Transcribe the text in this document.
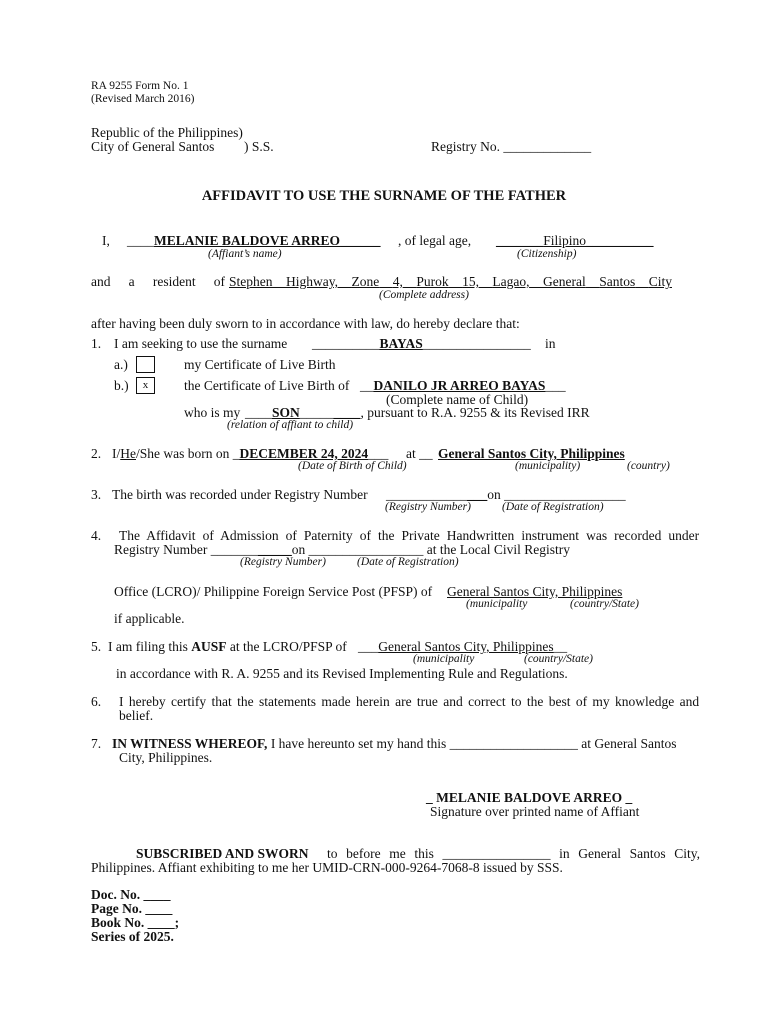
RA 9255 Form No. 1
(Revised March 2016)
Republic of the Philippines)
City of General Santos ) S.S.	Registry No. _____________
AFFIDAVIT TO USE THE SURNAME OF THE FATHER
I, ____MELANIE BALDOVE ARREO______ , of legal age, _______Filipino__________
(Affiant’s name)	(Citizenship)
and a resident of Stephen Highway, Zone 4, Purok 15, Lagao, General Santos City
(Complete address)
after having been duly sworn to in accordance with law, do hereby declare that:
1. I am seeking to use the surname __________BAYAS________________ in
a.)	my Certificate of Live Birth
b.)	x	the Certificate of Live Birth of __DANILO JR ARREO BAYAS___
(Complete name of Child)
who is my ____SON_________, pursuant to R.A. 9255 & its Revised IRR
(relation of affiant to child)
2. I/He/She was born on _DECEMBER 24, 2024___ at __ General Santos City, Philippines
(Date of Birth of Child)	(municipality)	(country)
3. The birth was recorded under Registry Number _______________on __________________
(Registry Number)	(Date of Registration)
4. The Affidavit of Admission of Paternity of the Private Handwritten instrument was recorded under
Registry Number ____________on _________________ at the Local Civil Registry
(Registry Number)	(Date of Registration)
Office (LCRO)/ Philippine Foreign Service Post (PFSP) of General Santos City, Philippines
(municipality	(country/State)
if applicable.
5. I am filing this AUSF at the LCRO/PFSP of ___General Santos City, Philippines__
(municipality	(country/State)
in accordance with R. A. 9255 and its Revised Implementing Rule and Regulations.
6. I hereby certify that the statements made herein are true and correct to the best of my knowledge and
belief.
7. IN WITNESS WHEREOF, I have hereunto set my hand this ___________________ at General Santos
City, Philippines.
_ MELANIE BALDOVE ARREO _
Signature over printed name of Affiant
SUBSCRIBED AND SWORN to before me this ________________ in General Santos City,
Philippines. Affiant exhibiting to me her UMID-CRN-000-9264-7068-8 issued by SSS.
Doc. No. ____
Page No. ____
Book No. ____;
Series of 2025.
